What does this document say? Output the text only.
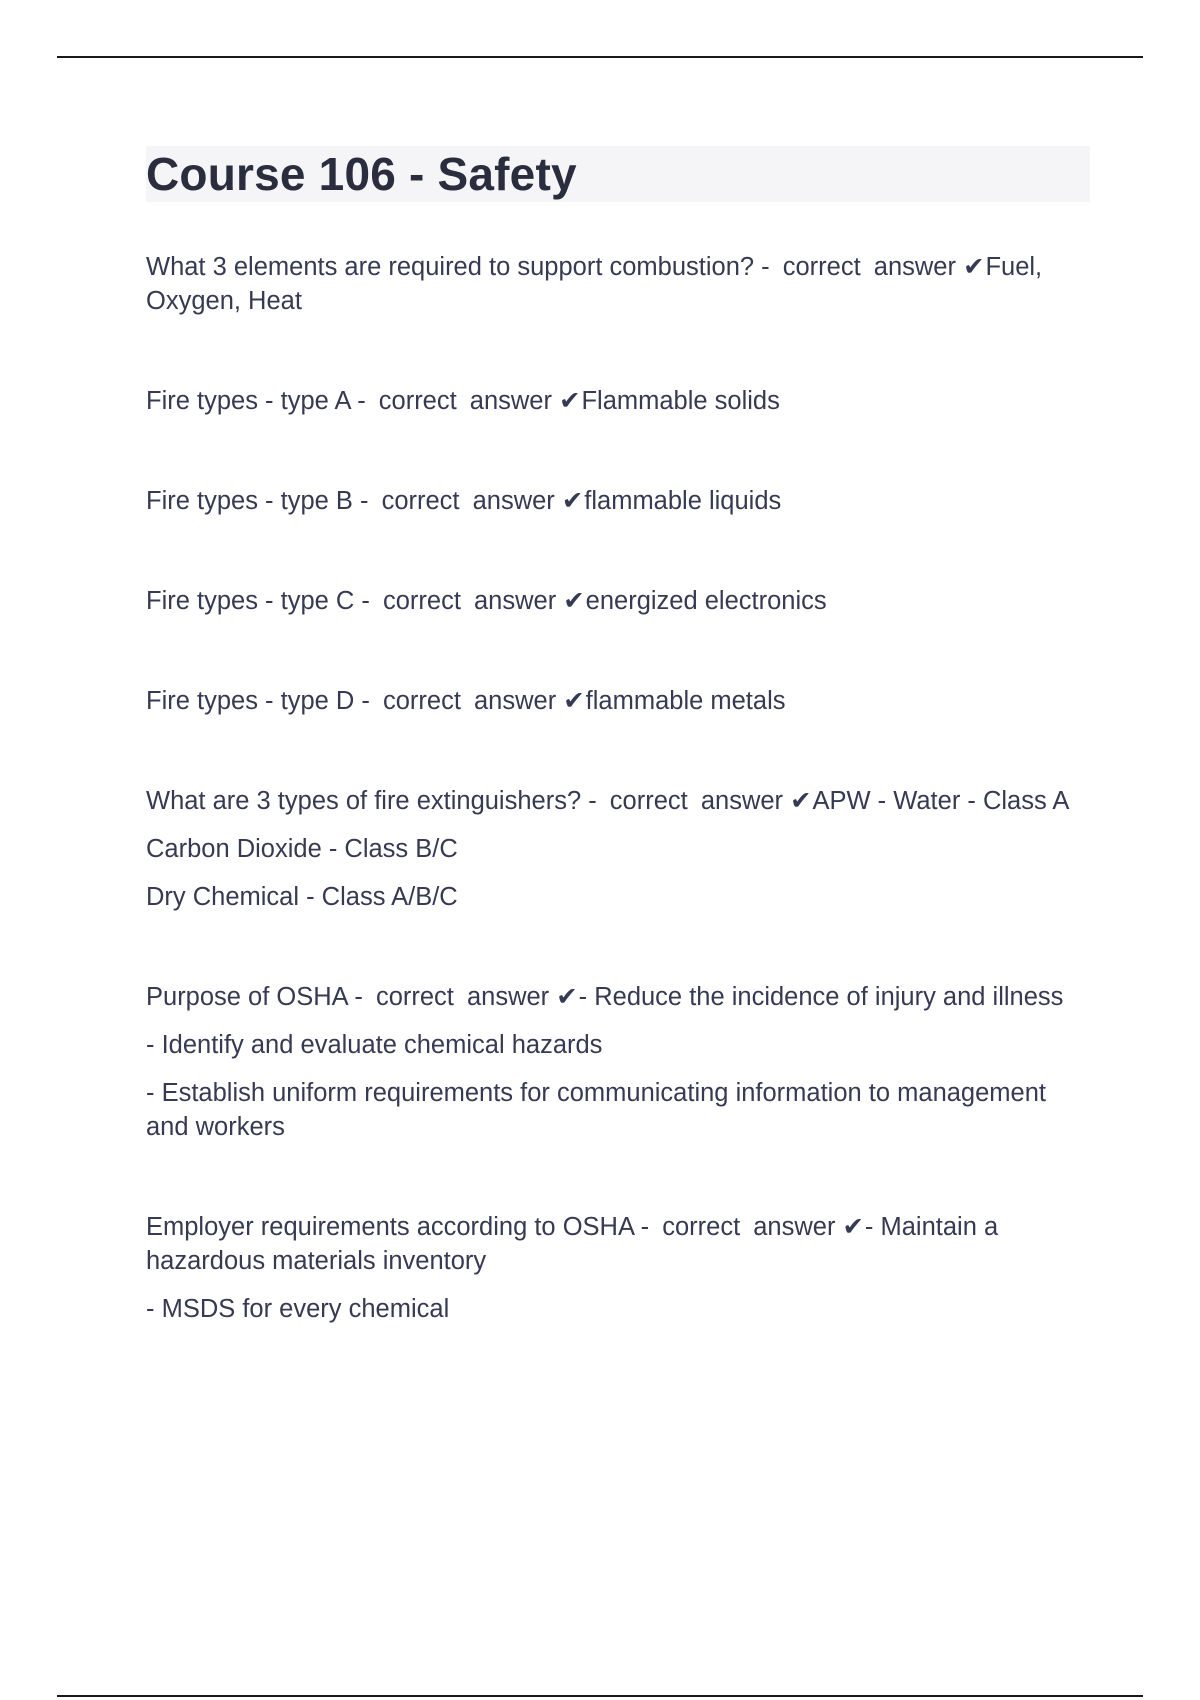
Course 106 - Safety
What 3 elements are required to support combustion? - correct answer ✔Fuel, Oxygen, Heat
Fire types - type A - correct answer ✔Flammable solids
Fire types - type B - correct answer ✔flammable liquids
Fire types - type C - correct answer ✔energized electronics
Fire types - type D - correct answer ✔flammable metals
What are 3 types of fire extinguishers? - correct answer ✔APW - Water - Class A
Carbon Dioxide - Class B/C
Dry Chemical - Class A/B/C
Purpose of OSHA - correct answer ✔- Reduce the incidence of injury and illness
- Identify and evaluate chemical hazards
- Establish uniform requirements for communicating information to management and workers
Employer requirements according to OSHA - correct answer ✔- Maintain a hazardous materials inventory
- MSDS for every chemical
